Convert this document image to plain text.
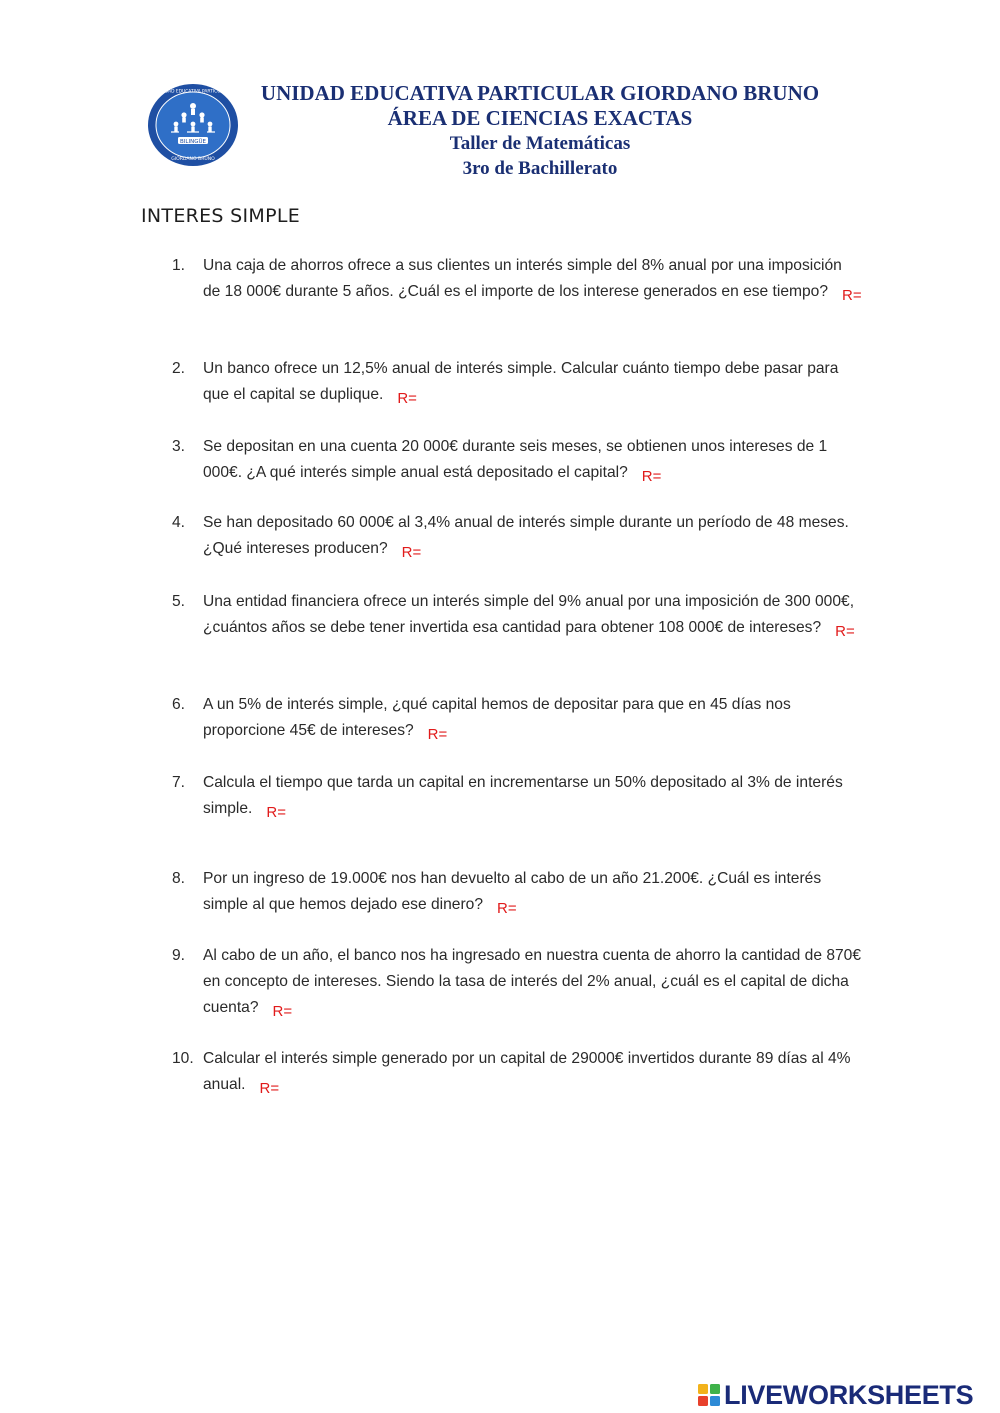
BILINGÜE
GIORDANO BRUNO
UNIDAD EDUCATIVA PARTICULAR	UNIDAD EDUCATIVA PARTICULAR GIORDANO BRUNO
ÁREA DE CIENCIAS EXACTAS
Taller de Matemáticas
3ro de Bachillerato
INTERES SIMPLE
1. Una caja de ahorros ofrece a sus clientes un interés simple del 8% anual por una imposición de 18 000€ durante 5 años. ¿Cuál es el importe de los interese generados en ese tiempo? R=
2. Un banco ofrece un 12,5% anual de interés simple. Calcular cuánto tiempo debe pasar para que el capital se duplique. R=
3. Se depositan en una cuenta 20 000€ durante seis meses, se obtienen unos intereses de 1 000€. ¿A qué interés simple anual está depositado el capital? R=
4. Se han depositado 60 000€ al 3,4% anual de interés simple durante un período de 48 meses. ¿Qué intereses producen? R=
5. Una entidad financiera ofrece un interés simple del 9% anual por una imposición de 300 000€, ¿cuántos años se debe tener invertida esa cantidad para obtener 108 000€ de intereses? R=
6. A un 5% de interés simple, ¿qué capital hemos de depositar para que en 45 días nos proporcione 45€ de intereses? R=
7. Calcula el tiempo que tarda un capital en incrementarse un 50% depositado al 3% de interés simple. R=
8. Por un ingreso de 19.000€ nos han devuelto al cabo de un año 21.200€. ¿Cuál es interés simple al que hemos dejado ese dinero? R=
9. Al cabo de un año, el banco nos ha ingresado en nuestra cuenta de ahorro la cantidad de 870€ en concepto de intereses. Siendo la tasa de interés del 2% anual, ¿cuál es el capital de dicha cuenta? R=
10. Calcular el interés simple generado por un capital de 29000€ invertidos durante 89 días al 4% anual. R=
LIVEWORKSHEETS
